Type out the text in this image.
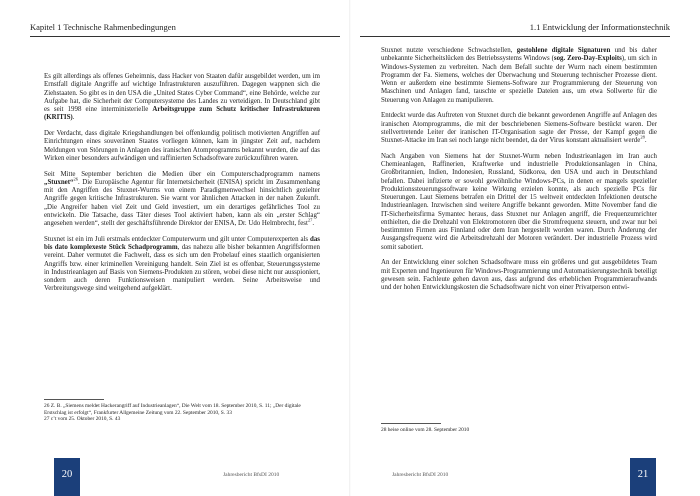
Kapitel 1 Technische Rahmenbedingungen

Es gilt allerdings als offenes Geheimnis, dass Hacker von Staaten dafür ausgebildet werden, um im Ernstfall digitale Angriffe auf wichtige Infrastrukturen auszuführen. Dagegen wappnen sich die Ziehstaaten. So gibt es in den USA die „United States Cyber Command“, eine Behörde, welche zur Aufgabe hat, die Sicherheit der Computersysteme des Landes zu verteidigen. In Deutschland gibt es seit 1998 eine interministerielle Arbeitsgruppe zum Schutz kritischer Infrastrukturen (KRITIS).

Der Verdacht, dass digitale Kriegshandlungen bei offenkundig politisch motivierten Angriffen auf Einrichtungen eines souveränen Staates vorliegen können, kam in jüngster Zeit auf, nachdem Meldungen von Störungen in Anlagen des iranischen Atomprogramms bekannt wurden, die auf das Wirken einer besonders aufwändigen und raffinierten Schadsoftware zurückzuführen waren.

Seit Mitte September berichten die Medien über ein Computerschadprogramm namens „Stuxnet“$^{26}$. Die Europäische Agentur für Internetsicherheit (ENISA) spricht im Zusammenhang mit den Angriffen des Stuxnet-Wurms von einem Paradigmenwechsel hinsichtlich gezielter Angriffe gegen kritische Infrastrukturen. Sie warnt vor ähnlichen Attacken in der nahen Zukunft. „Die Angreifer haben viel Zeit und Geld investiert, um ein derartiges gefährliches Tool zu entwickeln. Die Tatsache, dass Täter dieses Tool aktiviert haben, kann als ein „erster Schlag“ angesehen werden“, stellt der geschäftsführende Direktor der ENISA, Dr. Udo Helmbrecht, fest$^{27}$.

Stuxnet ist ein im Juli erstmals entdeckter Computerwurm und gilt unter Computerexperten als das bis dato komplexeste Stück Schadprogramm, das nahezu alle bisher bekannten Angriffsformen vereint. Daher vermutet die Fachwelt, dass es sich um den Probelauf eines staatlich organisierten Angriffs bzw. einer kriminellen Vereinigung handelt. Sein Ziel ist es offenbar, Steuerungssysteme in Industrieanlagen auf Basis von Siemens-Produkten zu stören, wobei diese nicht nur ausspioniert, sondern auch deren Funktionsweisen manipuliert werden. Seine Arbeitsweise und Verbreitungswege sind weitgehend aufgeklärt.

26 Z. B. „Siemens meldet Hackerangriff auf Industrieanlagen“, Die Welt vom 18. September 2010, S. 11; „Der digitale Erstschlag ist erfolgt“, Frankfurter Allgemeine Zeitung vom 22. September 2010, S. 33
27 c’t vom 25. Oktober 2010, S. 43
20	Jahresbericht BfsDI 2010
1.1 Entwicklung der Informationstechnik

Stuxnet nutzte verschiedene Schwachstellen, gestohlene digitale Signaturen und bis daher unbekannte Sicherheitslücken des Betriebssystems Windows (sog. Zero-Day-Exploits), um sich in Windows-Systemen zu verbreiten. Nach dem Befall suchte der Wurm nach einem bestimmten Programm der Fa. Siemens, welches der Überwachung und Steuerung technischer Prozesse dient. Wenn er außerdem eine bestimmte Siemens-Software zur Programmierung der Steuerung von Maschinen und Anlagen fand, tauschte er spezielle Dateien aus, um etwa Sollwerte für die Steuerung von Anlagen zu manipulieren.

Entdeckt wurde das Auftreten von Stuxnet durch die bekannt gewordenen Angriffe auf Anlagen des iranischen Atomprogramms, die mit der beschriebenen Siemens-Software bestückt waren. Der stellvertretende Leiter der iranischen IT-Organisation sagte der Presse, der Kampf gegen die Stuxnet-Attacke im Iran sei noch lange nicht beendet, da der Virus konstant aktualisiert werde$^{28}$.

Nach Angaben von Siemens hat der Stuxnet-Wurm neben Industrieanlagen im Iran auch Chemieanlagen, Raffinerien, Kraftwerke und industrielle Produktionsanlagen in China, Großbritannien, Indien, Indonesien, Russland, Südkorea, den USA und auch in Deutschland befallen. Dabei infizierte er sowohl gewöhnliche Windows-PCs, in denen er mangels spezieller Produktionssteuerungssoftware keine Wirkung erzielen konnte, als auch spezielle PCs für Steuerungen. Laut Siemens betrafen ein Drittel der 15 weltweit entdeckten Infektionen deutsche Industrieanlagen. Inzwischen sind weitere Angriffe bekannt geworden. Mitte November fand die IT-Sicherheitsfirma Symantec heraus, dass Stuxnet nur Anlagen angriff, die Frequenzumrichter enthielten, die die Drehzahl von Elektromotoren über die Stromfrequenz steuern, und zwar nur bei bestimmten Firmen aus Finnland oder dem Iran hergestellt worden waren. Durch Änderung der Ausgangsfrequenz wird die Arbeitsdrehzahl der Motoren verändert. Der industrielle Prozess wird somit sabotiert.

An der Entwicklung einer solchen Schadsoftware muss ein größeres und gut ausgebildetes Team mit Experten und Ingenieuren für Windows-Programmierung und Automatisierungstechnik beteiligt gewesen sein. Fachleute gehen davon aus, dass aufgrund des erheblichen Programmieraufwands und der hohen Entwicklungskosten die Schadsoftware nicht von einer Privatperson entwi-

28 heise online vom 28. September 2010
Jahresbericht BfsDI 2010	21
